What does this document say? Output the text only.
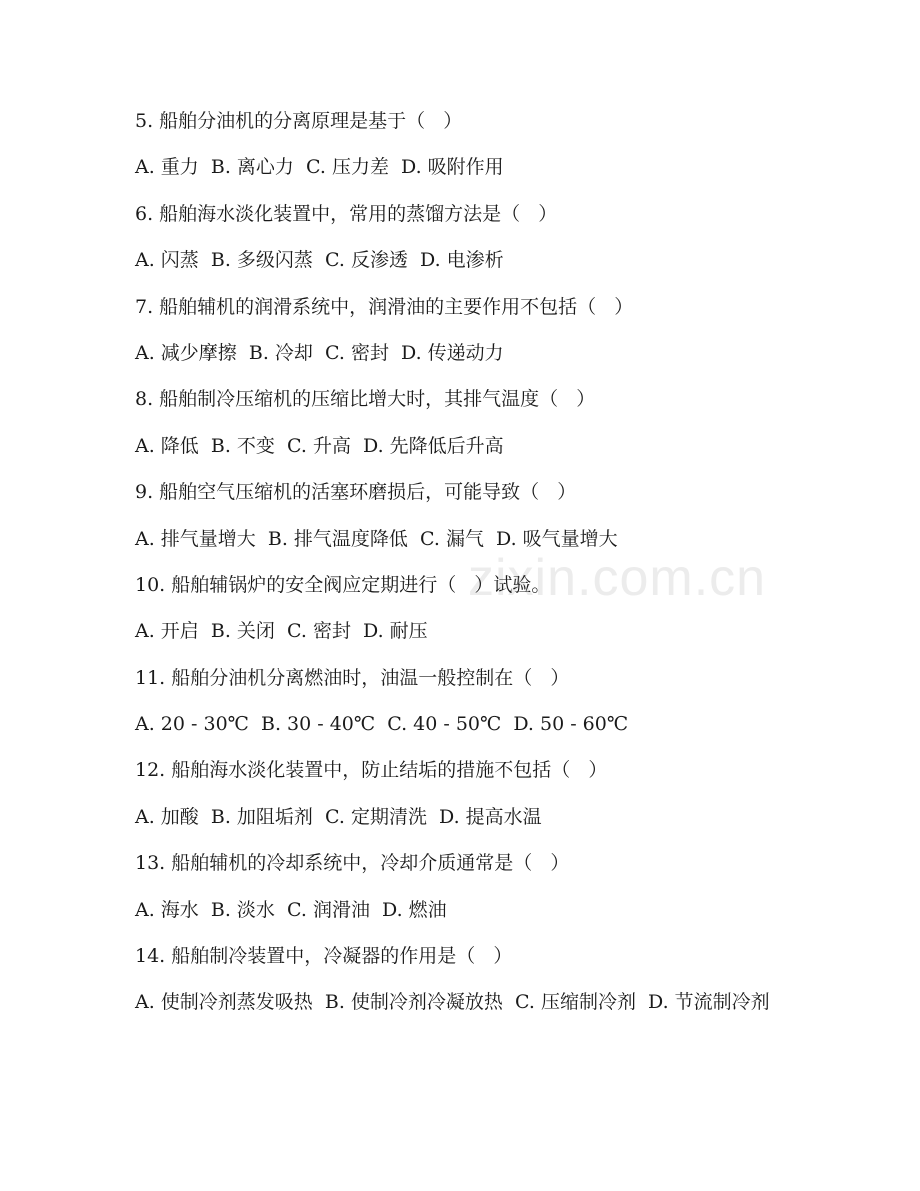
zixin.com.cn
5. 船舶分油机的分离原理是基于（   ）
A. 重力  B. 离心力  C. 压力差  D. 吸附作用
6. 船舶海水淡化装置中，常用的蒸馏方法是（   ）
A. 闪蒸  B. 多级闪蒸  C. 反渗透  D. 电渗析
7. 船舶辅机的润滑系统中，润滑油的主要作用不包括（   ）
A. 减少摩擦  B. 冷却  C. 密封  D. 传递动力
8. 船舶制冷压缩机的压缩比增大时，其排气温度（   ）
A. 降低  B. 不变  C. 升高  D. 先降低后升高
9. 船舶空气压缩机的活塞环磨损后，可能导致（   ）
A. 排气量增大  B. 排气温度降低  C. 漏气  D. 吸气量增大
10. 船舶辅锅炉的安全阀应定期进行（   ）试验。
A. 开启  B. 关闭  C. 密封  D. 耐压
11. 船舶分油机分离燃油时，油温一般控制在（   ）
A. 20 - 30℃  B. 30 - 40℃  C. 40 - 50℃  D. 50 - 60℃
12. 船舶海水淡化装置中，防止结垢的措施不包括（   ）
A. 加酸  B. 加阻垢剂  C. 定期清洗  D. 提高水温
13. 船舶辅机的冷却系统中，冷却介质通常是（   ）
A. 海水  B. 淡水  C. 润滑油  D. 燃油
14. 船舶制冷装置中，冷凝器的作用是（   ）
A. 使制冷剂蒸发吸热  B. 使制冷剂冷凝放热  C. 压缩制冷剂  D. 节流制冷剂
